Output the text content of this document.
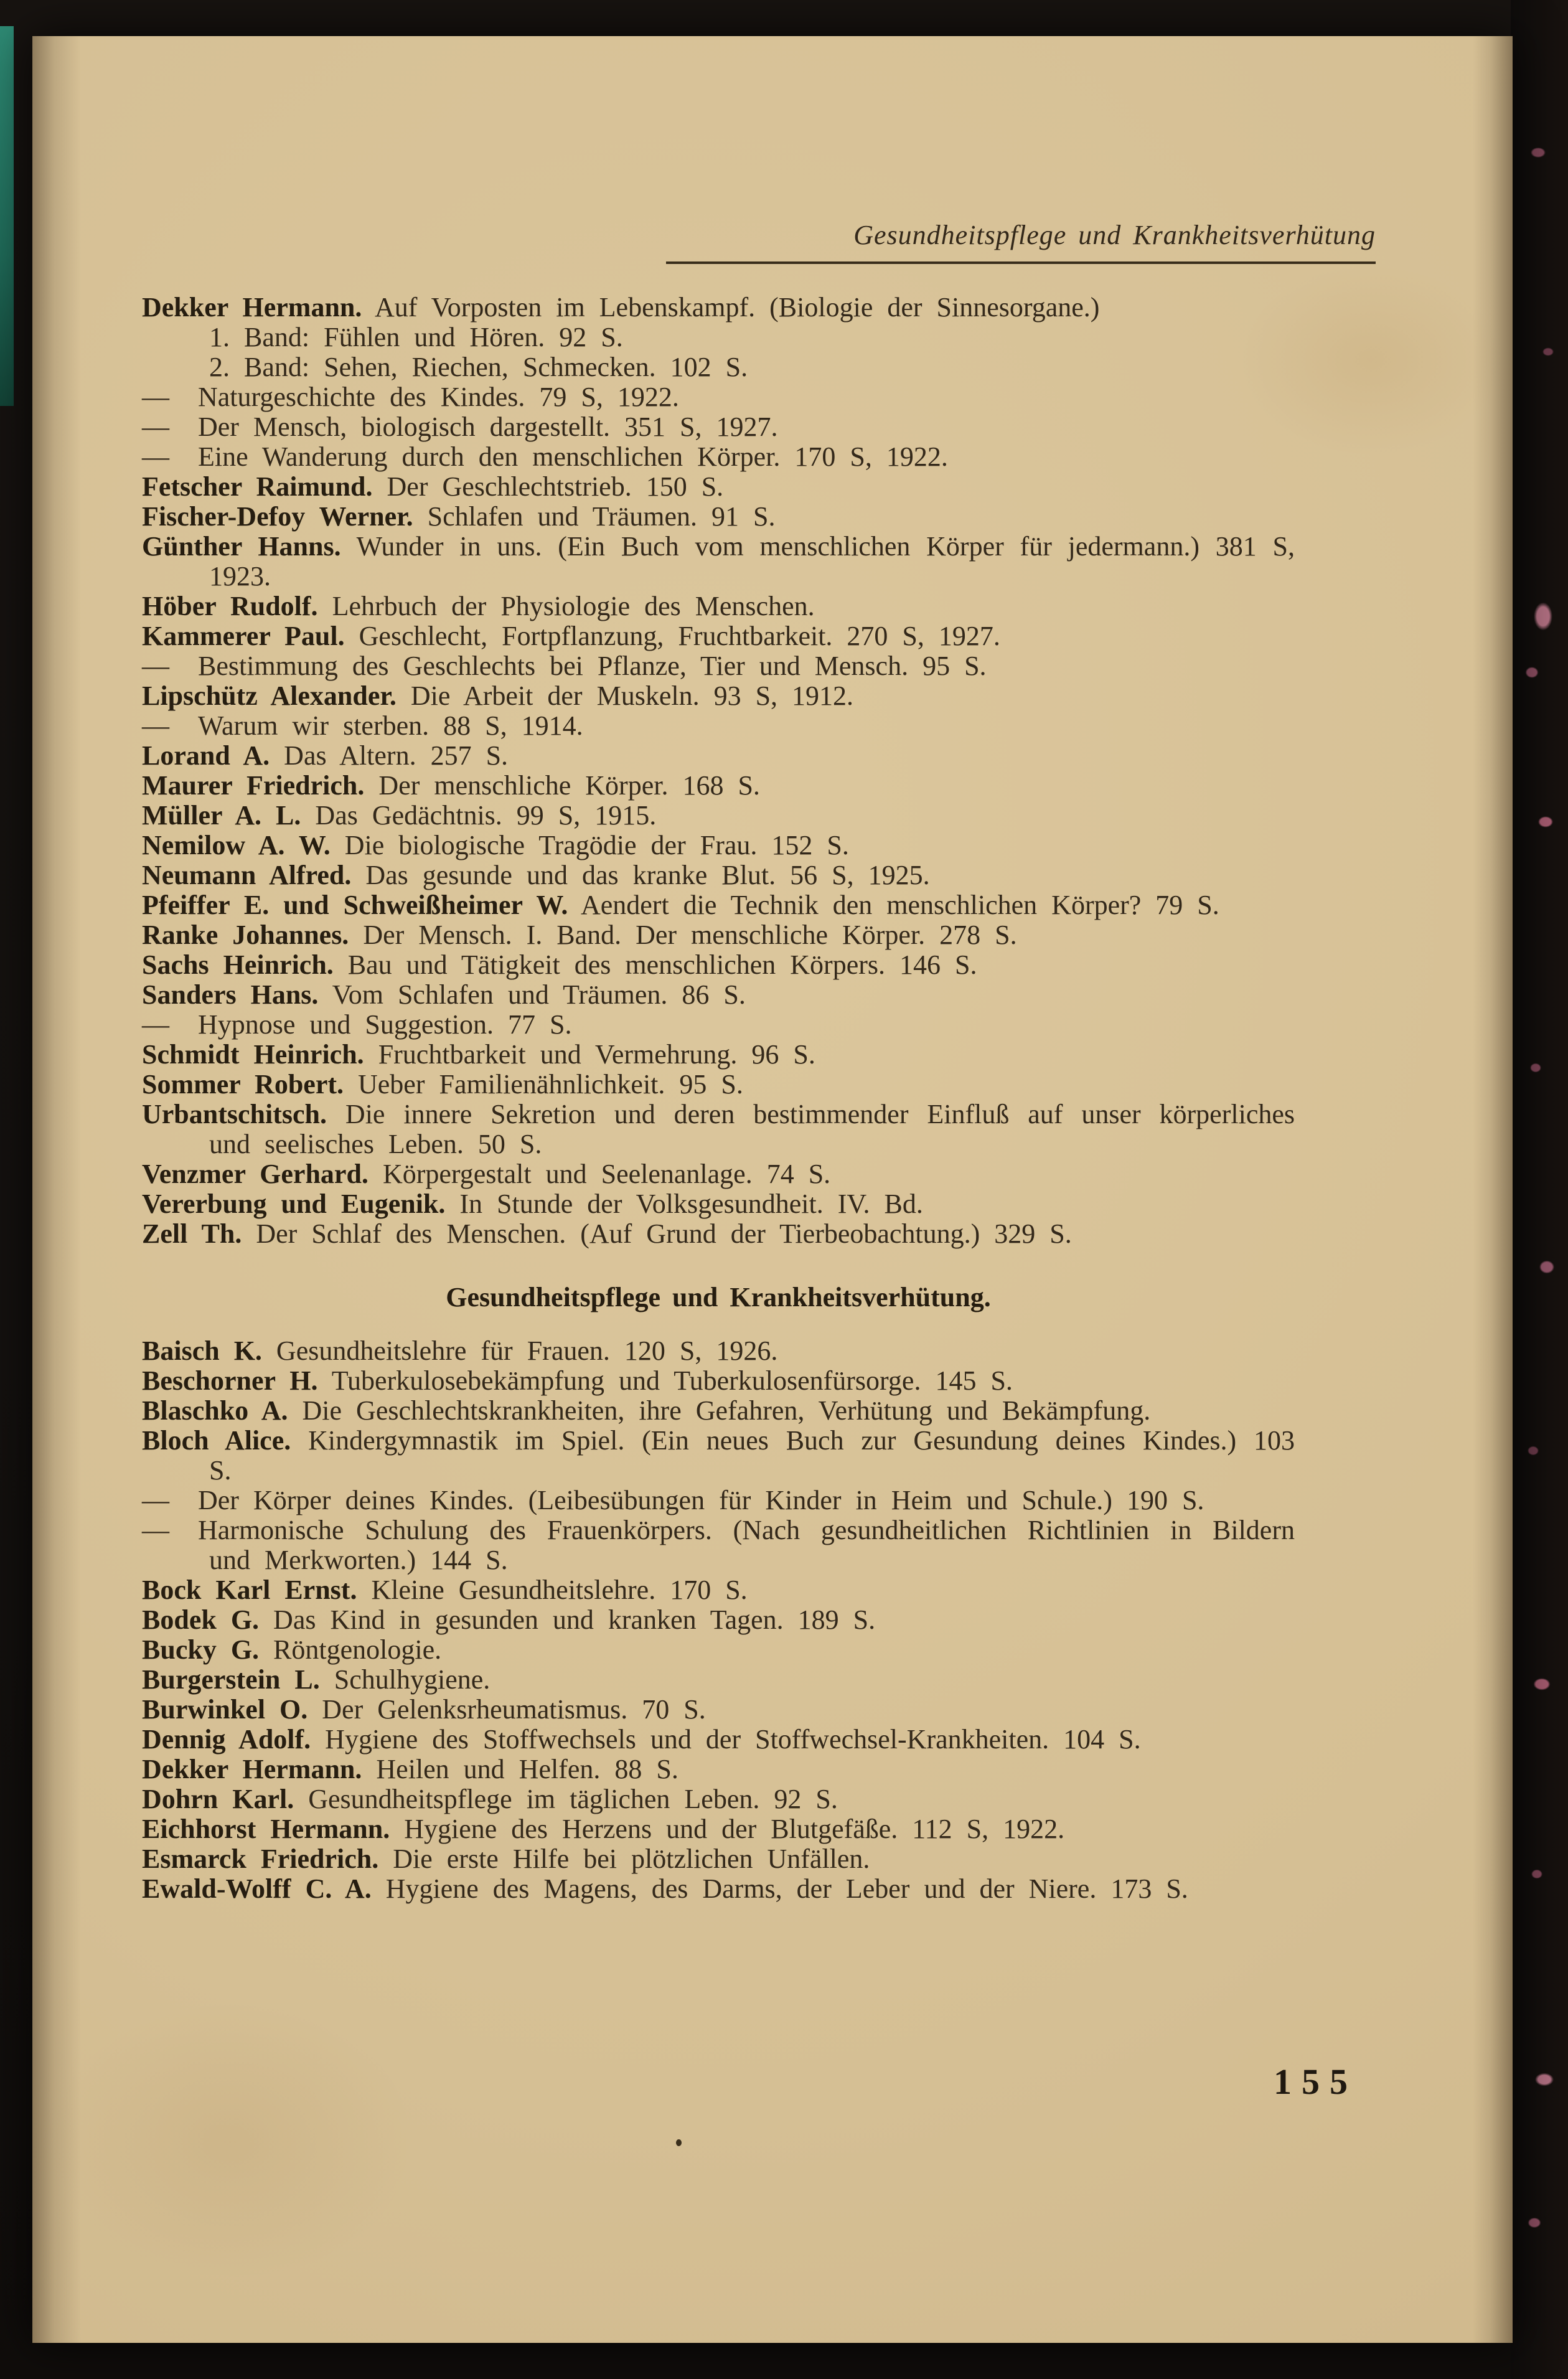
Gesundheitspflege und Krankheitsverhütung

Dekker Hermann. Auf Vorposten im Lebenskampf. (Biologie der Sinnesorgane.)

1. Band: Fühlen und Hören. 92 S.

2. Band: Sehen, Riechen, Schmecken. 102 S.

— Naturgeschichte des Kindes. 79 S, 1922.

— Der Mensch, biologisch dargestellt. 351 S, 1927.

— Eine Wanderung durch den menschlichen Körper. 170 S, 1922.

Fetscher Raimund. Der Geschlechtstrieb. 150 S.

Fischer-Defoy Werner. Schlafen und Träumen. 91 S.

Günther Hanns. Wunder in uns. (Ein Buch vom menschlichen Körper für jedermann.) 381 S, 1923.

Höber Rudolf. Lehrbuch der Physiologie des Menschen.

Kammerer Paul. Geschlecht, Fortpflanzung, Fruchtbarkeit. 270 S, 1927.

— Bestimmung des Geschlechts bei Pflanze, Tier und Mensch. 95 S.

Lipschütz Alexander. Die Arbeit der Muskeln. 93 S, 1912.

— Warum wir sterben. 88 S, 1914.

Lorand A. Das Altern. 257 S.

Maurer Friedrich. Der menschliche Körper. 168 S.

Müller A. L. Das Gedächtnis. 99 S, 1915.

Nemilow A. W. Die biologische Tragödie der Frau. 152 S.

Neumann Alfred. Das gesunde und das kranke Blut. 56 S, 1925.

Pfeiffer E. und Schweißheimer W. Aendert die Technik den menschlichen Körper? 79 S.

Ranke Johannes. Der Mensch. I. Band. Der menschliche Körper. 278 S.

Sachs Heinrich. Bau und Tätigkeit des menschlichen Körpers. 146 S.

Sanders Hans. Vom Schlafen und Träumen. 86 S.

— Hypnose und Suggestion. 77 S.

Schmidt Heinrich. Fruchtbarkeit und Vermehrung. 96 S.

Sommer Robert. Ueber Familienähnlichkeit. 95 S.

Urbantschitsch. Die innere Sekretion und deren bestimmender Einfluß auf unser körperliches und seelisches Leben. 50 S.

Venzmer Gerhard. Körpergestalt und Seelenanlage. 74 S.

Vererbung und Eugenik. In Stunde der Volksgesundheit. IV. Bd.

Zell Th. Der Schlaf des Menschen. (Auf Grund der Tierbeobachtung.) 329 S.

Gesundheitspflege und Krankheitsverhütung.

Baisch K. Gesundheitslehre für Frauen. 120 S, 1926.

Beschorner H. Tuberkulosebekämpfung und Tuberkulosenfürsorge. 145 S.

Blaschko A. Die Geschlechtskrankheiten, ihre Gefahren, Verhütung und Bekämpfung.

Bloch Alice. Kindergymnastik im Spiel. (Ein neues Buch zur Gesundung deines Kindes.) 103 S.

— Der Körper deines Kindes. (Leibesübungen für Kinder in Heim und Schule.) 190 S.

— Harmonische Schulung des Frauenkörpers. (Nach gesundheitlichen Richtlinien in Bildern und Merkworten.) 144 S.

Bock Karl Ernst. Kleine Gesundheitslehre. 170 S.

Bodek G. Das Kind in gesunden und kranken Tagen. 189 S.

Bucky G. Röntgenologie.

Burgerstein L. Schulhygiene.

Burwinkel O. Der Gelenksrheumatismus. 70 S.

Dennig Adolf. Hygiene des Stoffwechsels und der Stoffwechsel-Krankheiten. 104 S.

Dekker Hermann. Heilen und Helfen. 88 S.

Dohrn Karl. Gesundheitspflege im täglichen Leben. 92 S.

Eichhorst Hermann. Hygiene des Herzens und der Blutgefäße. 112 S, 1922.

Esmarck Friedrich. Die erste Hilfe bei plötzlichen Unfällen.

Ewald-Wolff C. A. Hygiene des Magens, des Darms, der Leber und der Niere. 173 S.

155
